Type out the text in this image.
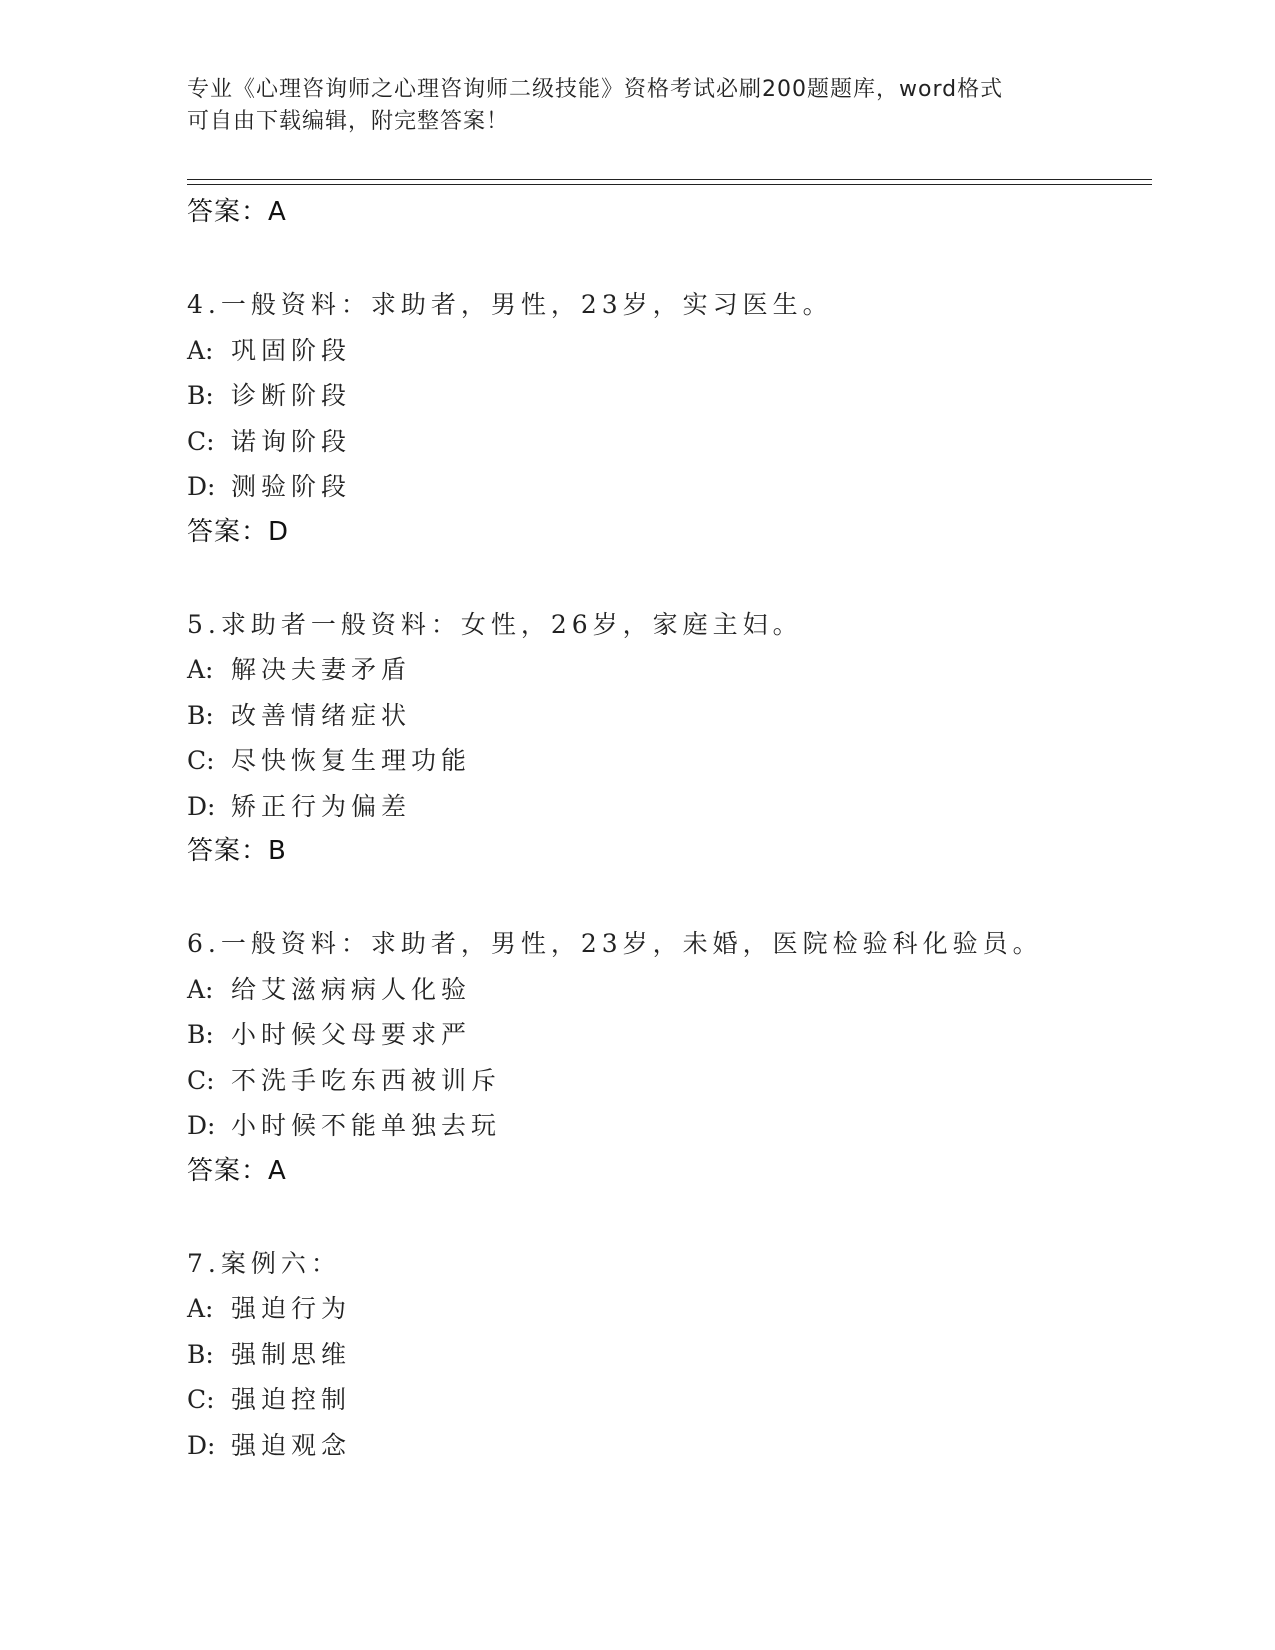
专业《心理咨询师之心理咨询师二级技能》资格考试必刷200题题库，word格式
可自由下载编辑，附完整答案！
答案：A
4.一般资料：求助者，男性，23岁，实习医生。
A: 巩固阶段
B: 诊断阶段
C: 诺询阶段
D: 测验阶段
答案：D
5.求助者一般资料：女性，26岁，家庭主妇。
A: 解决夫妻矛盾
B: 改善情绪症状
C: 尽快恢复生理功能
D: 矫正行为偏差
答案：B
6.一般资料：求助者，男性，23岁，未婚，医院检验科化验员。
A: 给艾滋病病人化验
B: 小时候父母要求严
C: 不洗手吃东西被训斥
D: 小时候不能单独去玩
答案：A
7.案例六：
A: 强迫行为
B: 强制思维
C: 强迫控制
D: 强迫观念
